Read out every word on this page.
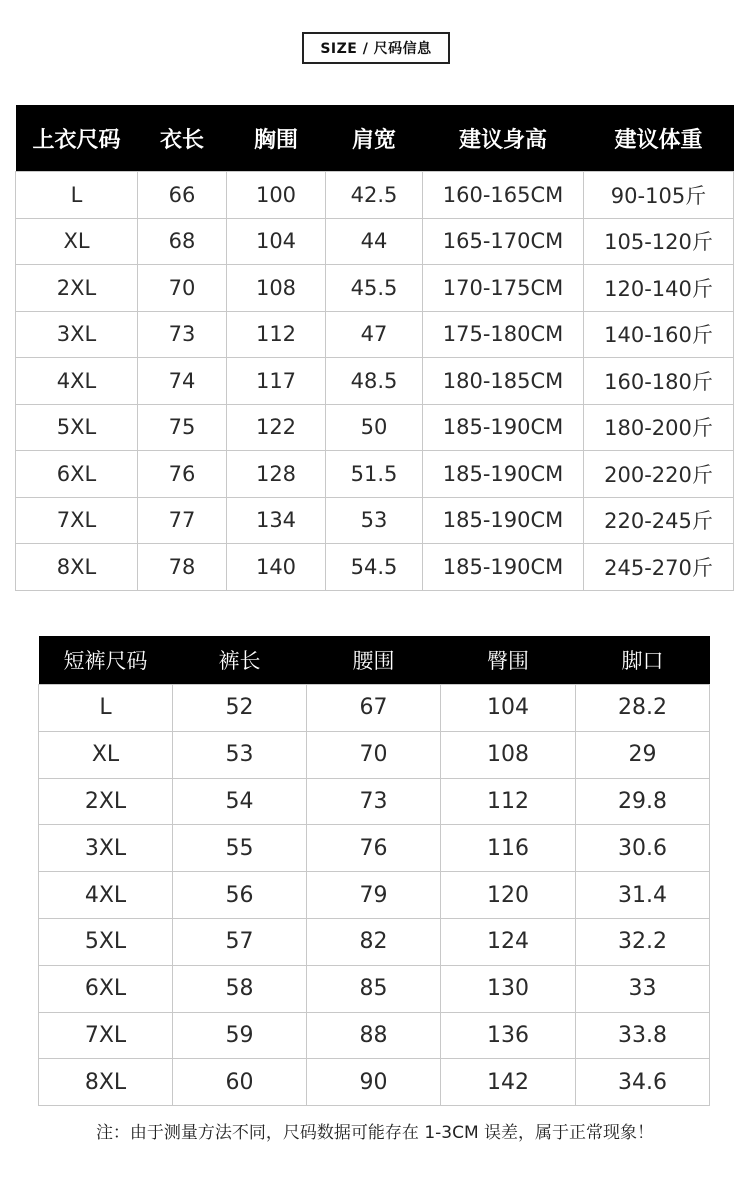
SIZE / 尺码信息
上衣尺码	衣长	胸围	肩宽	建议身高	建议体重
L	66	100	42.5	160-165CM	90-105斤
XL	68	104	44	165-170CM	105-120斤
2XL	70	108	45.5	170-175CM	120-140斤
3XL	73	112	47	175-180CM	140-160斤
4XL	74	117	48.5	180-185CM	160-180斤
5XL	75	122	50	185-190CM	180-200斤
6XL	76	128	51.5	185-190CM	200-220斤
7XL	77	134	53	185-190CM	220-245斤
8XL	78	140	54.5	185-190CM	245-270斤
短裤尺码	裤长	腰围	臀围	脚口
L	52	67	104	28.2
XL	53	70	108	29
2XL	54	73	112	29.8
3XL	55	76	116	30.6
4XL	56	79	120	31.4
5XL	57	82	124	32.2
6XL	58	85	130	33
7XL	59	88	136	33.8
8XL	60	90	142	34.6
注：由于测量方法不同，尺码数据可能存在 1-3CM 误差，属于正常现象！
